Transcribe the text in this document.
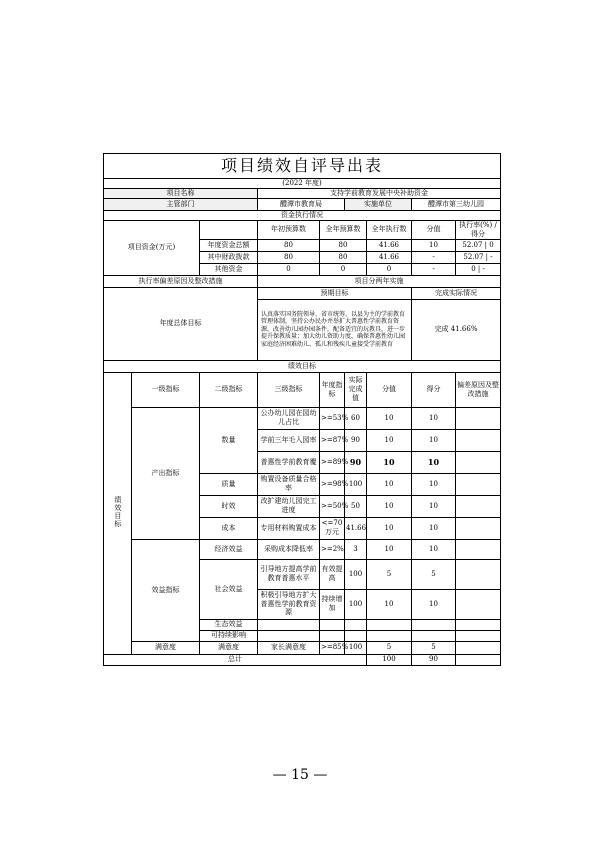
项目绩效自评导出表								
(2022 年度)								
项目名称			支持学前教育发展中央补助资金					
主管部门			醴潭市教育局		实施单位		醴潭市第三幼儿园	
资金执行情况								
项目资金(万元)			年初预算数	全年预算数		全年执行数	分值	执行率(%) / 得分
		年度资金总额	80	80		41.66	10	52.07 | 0
		其中财政拨款	80	80		41.66	-	52.07 | -
		其他资金	0	0		0	-	0 | -
执行率偏差原因及整改措施			项目分两年实施					
年度总体目标			预期目标				完成实际情况	
			认真落实国务院领导、省市统筹、以县为主的学前教育管理体制，坚持公办民办并举扩大普惠性学前教育资源，改善幼儿园办园条件，配备适宜的玩教具，进一步提升保教质量；加大幼儿资助力度，确保普惠性幼儿园家庭经济困难幼儿、孤儿和残疾儿童接受学前教育				完成 41.66%	
绩效目标								
绩效目标	一级指标	二级指标	三级指标	年度指标	实际完成值	分值	得分	偏差原因及整改措施
	产出指标	数量	公办幼儿园在园幼儿占比	>=53%	60	10	10	
			学前三年毛入园率	>=87%	90	10	10	
			普惠性学前教育覆	>=89%	90	10	10	
		质量	购置设备质量合格率	>=98%	100	10	10	
		时效	改扩建幼儿园完工进度	>=50%	50	10	10	
		成本	专用材料购置成本	<=70万元	41.66	10	10	
	效益指标	经济效益	采购成本降低率	>=2%	3	10	10	
		社会效益	引导地方提高学前教育普惠水平	有效提高	100	5	5	
			积极引导地方扩大普惠性学前教育资源	持续增加	100	10	10	
		生态效益						
		可持续影响						
	满意度	满意度	家长满意度	>=85%	100	5	5	
总计						100	90	
— 15 —
